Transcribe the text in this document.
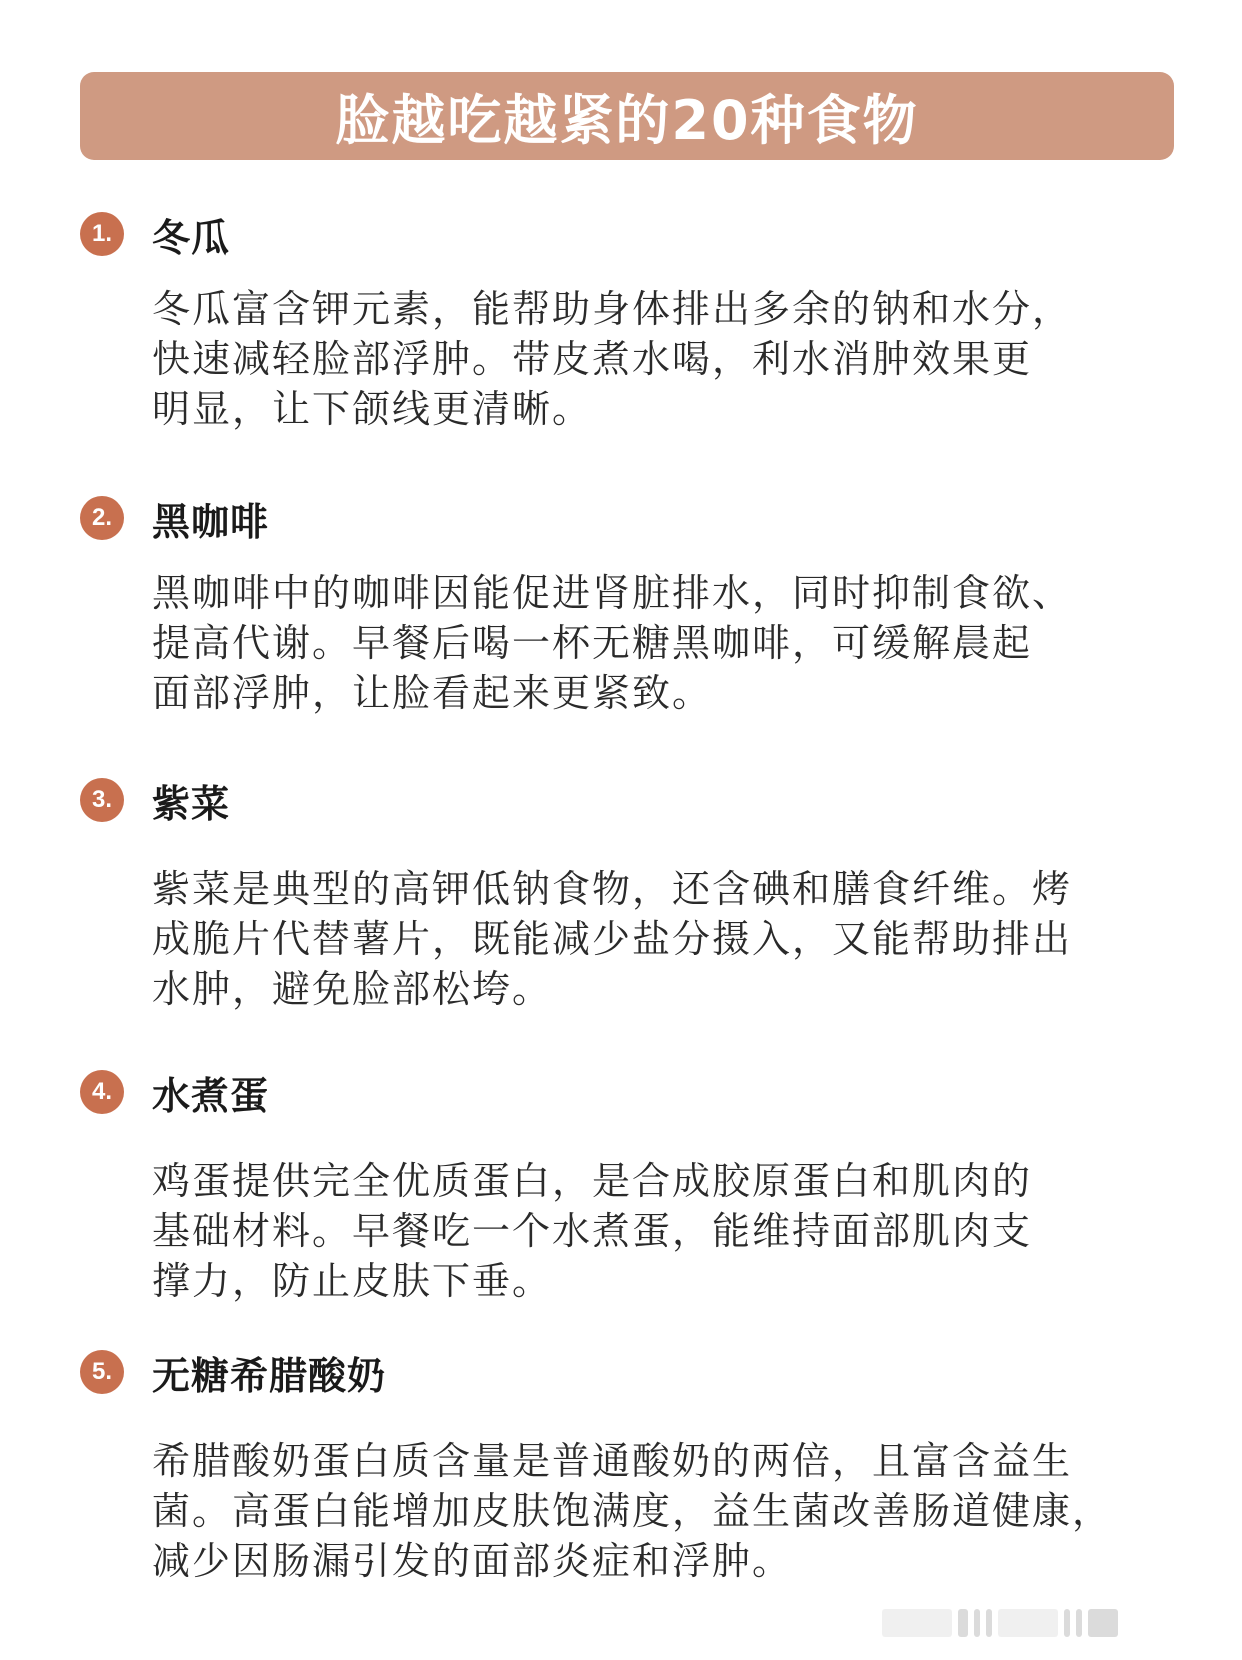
脸越吃越紧的20种食物
1.	冬瓜
冬瓜富含钾元素，能帮助身体排出多余的钠和水分，
快速减轻脸部浮肿。带皮煮水喝，利水消肿效果更
明显，让下颌线更清晰。
2.	黑咖啡
黑咖啡中的咖啡因能促进肾脏排水，同时抑制食欲、
提高代谢。早餐后喝一杯无糖黑咖啡，可缓解晨起
面部浮肿，让脸看起来更紧致。
3.	紫菜
紫菜是典型的高钾低钠食物，还含碘和膳食纤维。烤
成脆片代替薯片，既能减少盐分摄入，又能帮助排出
水肿，避免脸部松垮。
4.	水煮蛋
鸡蛋提供完全优质蛋白，是合成胶原蛋白和肌肉的
基础材料。早餐吃一个水煮蛋，能维持面部肌肉支
撑力，防止皮肤下垂。
5.	无糖希腊酸奶
希腊酸奶蛋白质含量是普通酸奶的两倍，且富含益生
菌。高蛋白能增加皮肤饱满度，益生菌改善肠道健康，
减少因肠漏引发的面部炎症和浮肿。
